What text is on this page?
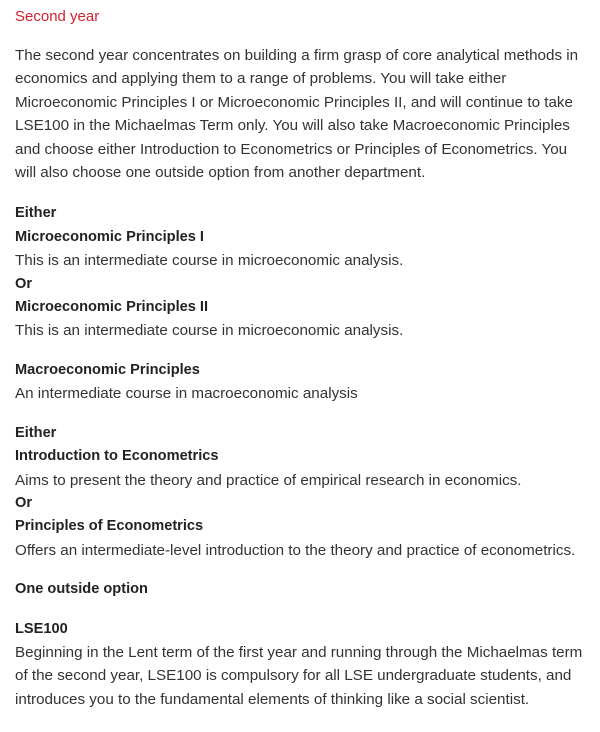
Second year

The second year concentrates on building a firm grasp of core analytical methods in economics and applying them to a range of problems. You will take either Microeconomic Principles I or Microeconomic Principles II, and will continue to take LSE100 in the Michaelmas Term only. You will also take Macroeconomic Principles and choose either Introduction to Econometrics or Principles of Econometrics. You will also choose one outside option from another department.

Either
Microeconomic Principles I
This is an intermediate course in microeconomic analysis.
Or
Microeconomic Principles II
This is an intermediate course in microeconomic analysis.
Macroeconomic Principles
An intermediate course in macroeconomic analysis
Either
Introduction to Econometrics
Aims to present the theory and practice of empirical research in economics.
Or
Principles of Econometrics
Offers an intermediate-level introduction to the theory and practice of econometrics.
One outside option
LSE100
Beginning in the Lent term of the first year and running through the Michaelmas term of the second year, LSE100 is compulsory for all LSE undergraduate students, and introduces you to the fundamental elements of thinking like a social scientist.
